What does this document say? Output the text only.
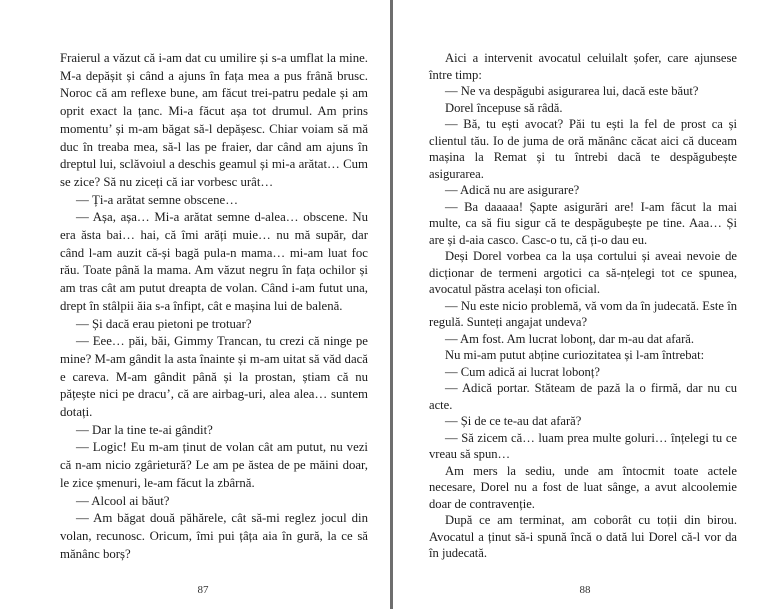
Fraierul a văzut că i-am dat cu umilire și s-a umflat la mine. M-a depășit și când a ajuns în fața mea a pus frână brusc. Noroc că am reflexe bune, am făcut trei-patru pedale și am oprit exact la țanc. Mi-a făcut așa tot drumul. Am prins momentu’ și m-am băgat să-l depășesc. Chiar voiam să mă duc în treaba mea, să-l las pe fraier, dar când am ajuns în dreptul lui, sclăvoiul a deschis geamul și mi-a arătat… Cum se zice? Să nu ziceți că iar vorbesc urât…

— Ți-a arătat semne obscene…

— Așa, așa… Mi-a arătat semne d-alea… obscene. Nu era ăsta bai… hai, că îmi arăți muie… nu mă supăr, dar când l-am auzit că-și bagă pula-n mama… mi-am luat foc rău. Toate până la mama. Am văzut negru în fața ochilor și am tras cât am putut dreapta de volan. Când i-am futut una, drept în stâlpii ăia s-a înfipt, cât e mașina lui de balenă.

— Și dacă erau pietoni pe trotuar?

— Eee… păi, băi, Gimmy Trancan, tu crezi că ninge pe mine? M-am gândit la asta înainte și m-am uitat să văd dacă e careva. M-am gândit până și la prostan, știam că nu pățește nici pe dracu’, că are airbag-uri, alea alea… suntem dotați.

— Dar la tine te-ai gândit?

— Logic! Eu m-am ținut de volan cât am putut, nu vezi că n-am nicio zgârietură? Le am pe ăstea de pe măini doar, le zice șmenuri, le-am făcut la zbârnă.

— Alcool ai băut?

— Am băgat două păhărele, cât să-mi reglez jocul din volan, recunosc. Oricum, îmi pui țâța aia în gură, la ce să mănânc borș?

87

Aici a intervenit avocatul celuilalt șofer, care ajunsese între timp:

— Ne va despăgubi asigurarea lui, dacă este băut?

Dorel începuse să râdă.

— Bă, tu ești avocat? Păi tu ești la fel de prost ca și clientul tău. Io de juma de oră mănânc căcat aici că duceam mașina la Remat și tu întrebi dacă te despăgubește asigurarea.

— Adică nu are asigurare?

— Ba daaaaa! Șapte asigurări are! I-am făcut la mai multe, ca să fiu sigur că te despăgubește pe tine. Aaa… Și are și d-aia casco. Casc-o tu, că ți-o dau eu.

Deși Dorel vorbea ca la ușa cortului și aveai nevoie de dicționar de termeni argotici ca să-nțelegi tot ce spunea, avocatul păstra același ton oficial.

— Nu este nicio problemă, vă vom da în judecată. Este în regulă. Sunteți angajat undeva?

— Am fost. Am lucrat lobonț, dar m-au dat afară.

Nu mi-am putut abține curiozitatea și l-am întrebat:

— Cum adică ai lucrat lobonț?

— Adică portar. Stăteam de pază la o firmă, dar nu cu acte.

— Și de ce te-au dat afară?

— Să zicem că… luam prea multe goluri… înțelegi tu ce vreau să spun…

Am mers la sediu, unde am întocmit toate actele necesare, Dorel nu a fost de luat sânge, a avut alcoolemie doar de contravenție.

După ce am terminat, am coborât cu toții din birou. Avocatul a ținut să-i spună încă o dată lui Dorel că-l vor da în judecată.

88
